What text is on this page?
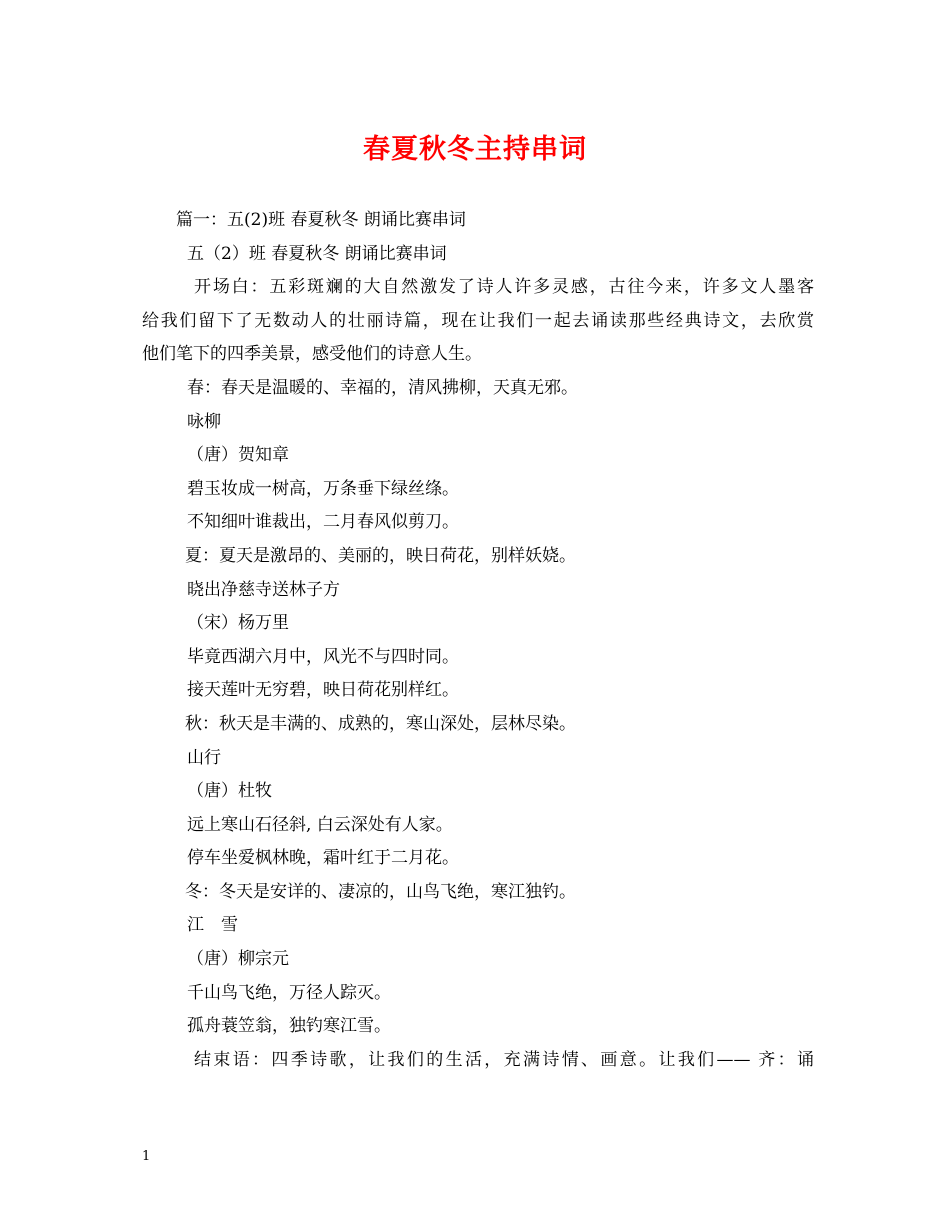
春夏秋冬主持串词
篇一：五(2)班 春夏秋冬 朗诵比赛串词
五（2）班 春夏秋冬 朗诵比赛串词
开场白：五彩斑斓的大自然激发了诗人许多灵感，古往今来，许多文人墨客
给我们留下了无数动人的壮丽诗篇，现在让我们一起去诵读那些经典诗文，去欣赏
他们笔下的四季美景，感受他们的诗意人生。
春：春天是温暖的、幸福的，清风拂柳，天真无邪。
咏柳
（唐）贺知章
碧玉妆成一树高，万条垂下绿丝绦。
不知细叶谁裁出，二月春风似剪刀。
夏：夏天是激昂的、美丽的，映日荷花，别样妖娆。
晓出净慈寺送林子方
（宋）杨万里
毕竟西湖六月中，风光不与四时同。
接天莲叶无穷碧，映日荷花别样红。
秋：秋天是丰满的、成熟的，寒山深处，层林尽染。
山行
（唐）杜牧
远上寒山石径斜, 白云深处有人家。
停车坐爱枫林晚，霜叶红于二月花。
冬：冬天是安详的、凄凉的，山鸟飞绝，寒江独钓。
江　雪
（唐）柳宗元
千山鸟飞绝，万径人踪灭。
孤舟蓑笠翁，独钓寒江雪。
结束语：四季诗歌，让我们的生活，充满诗情、画意。让我们—— 齐：诵
1
